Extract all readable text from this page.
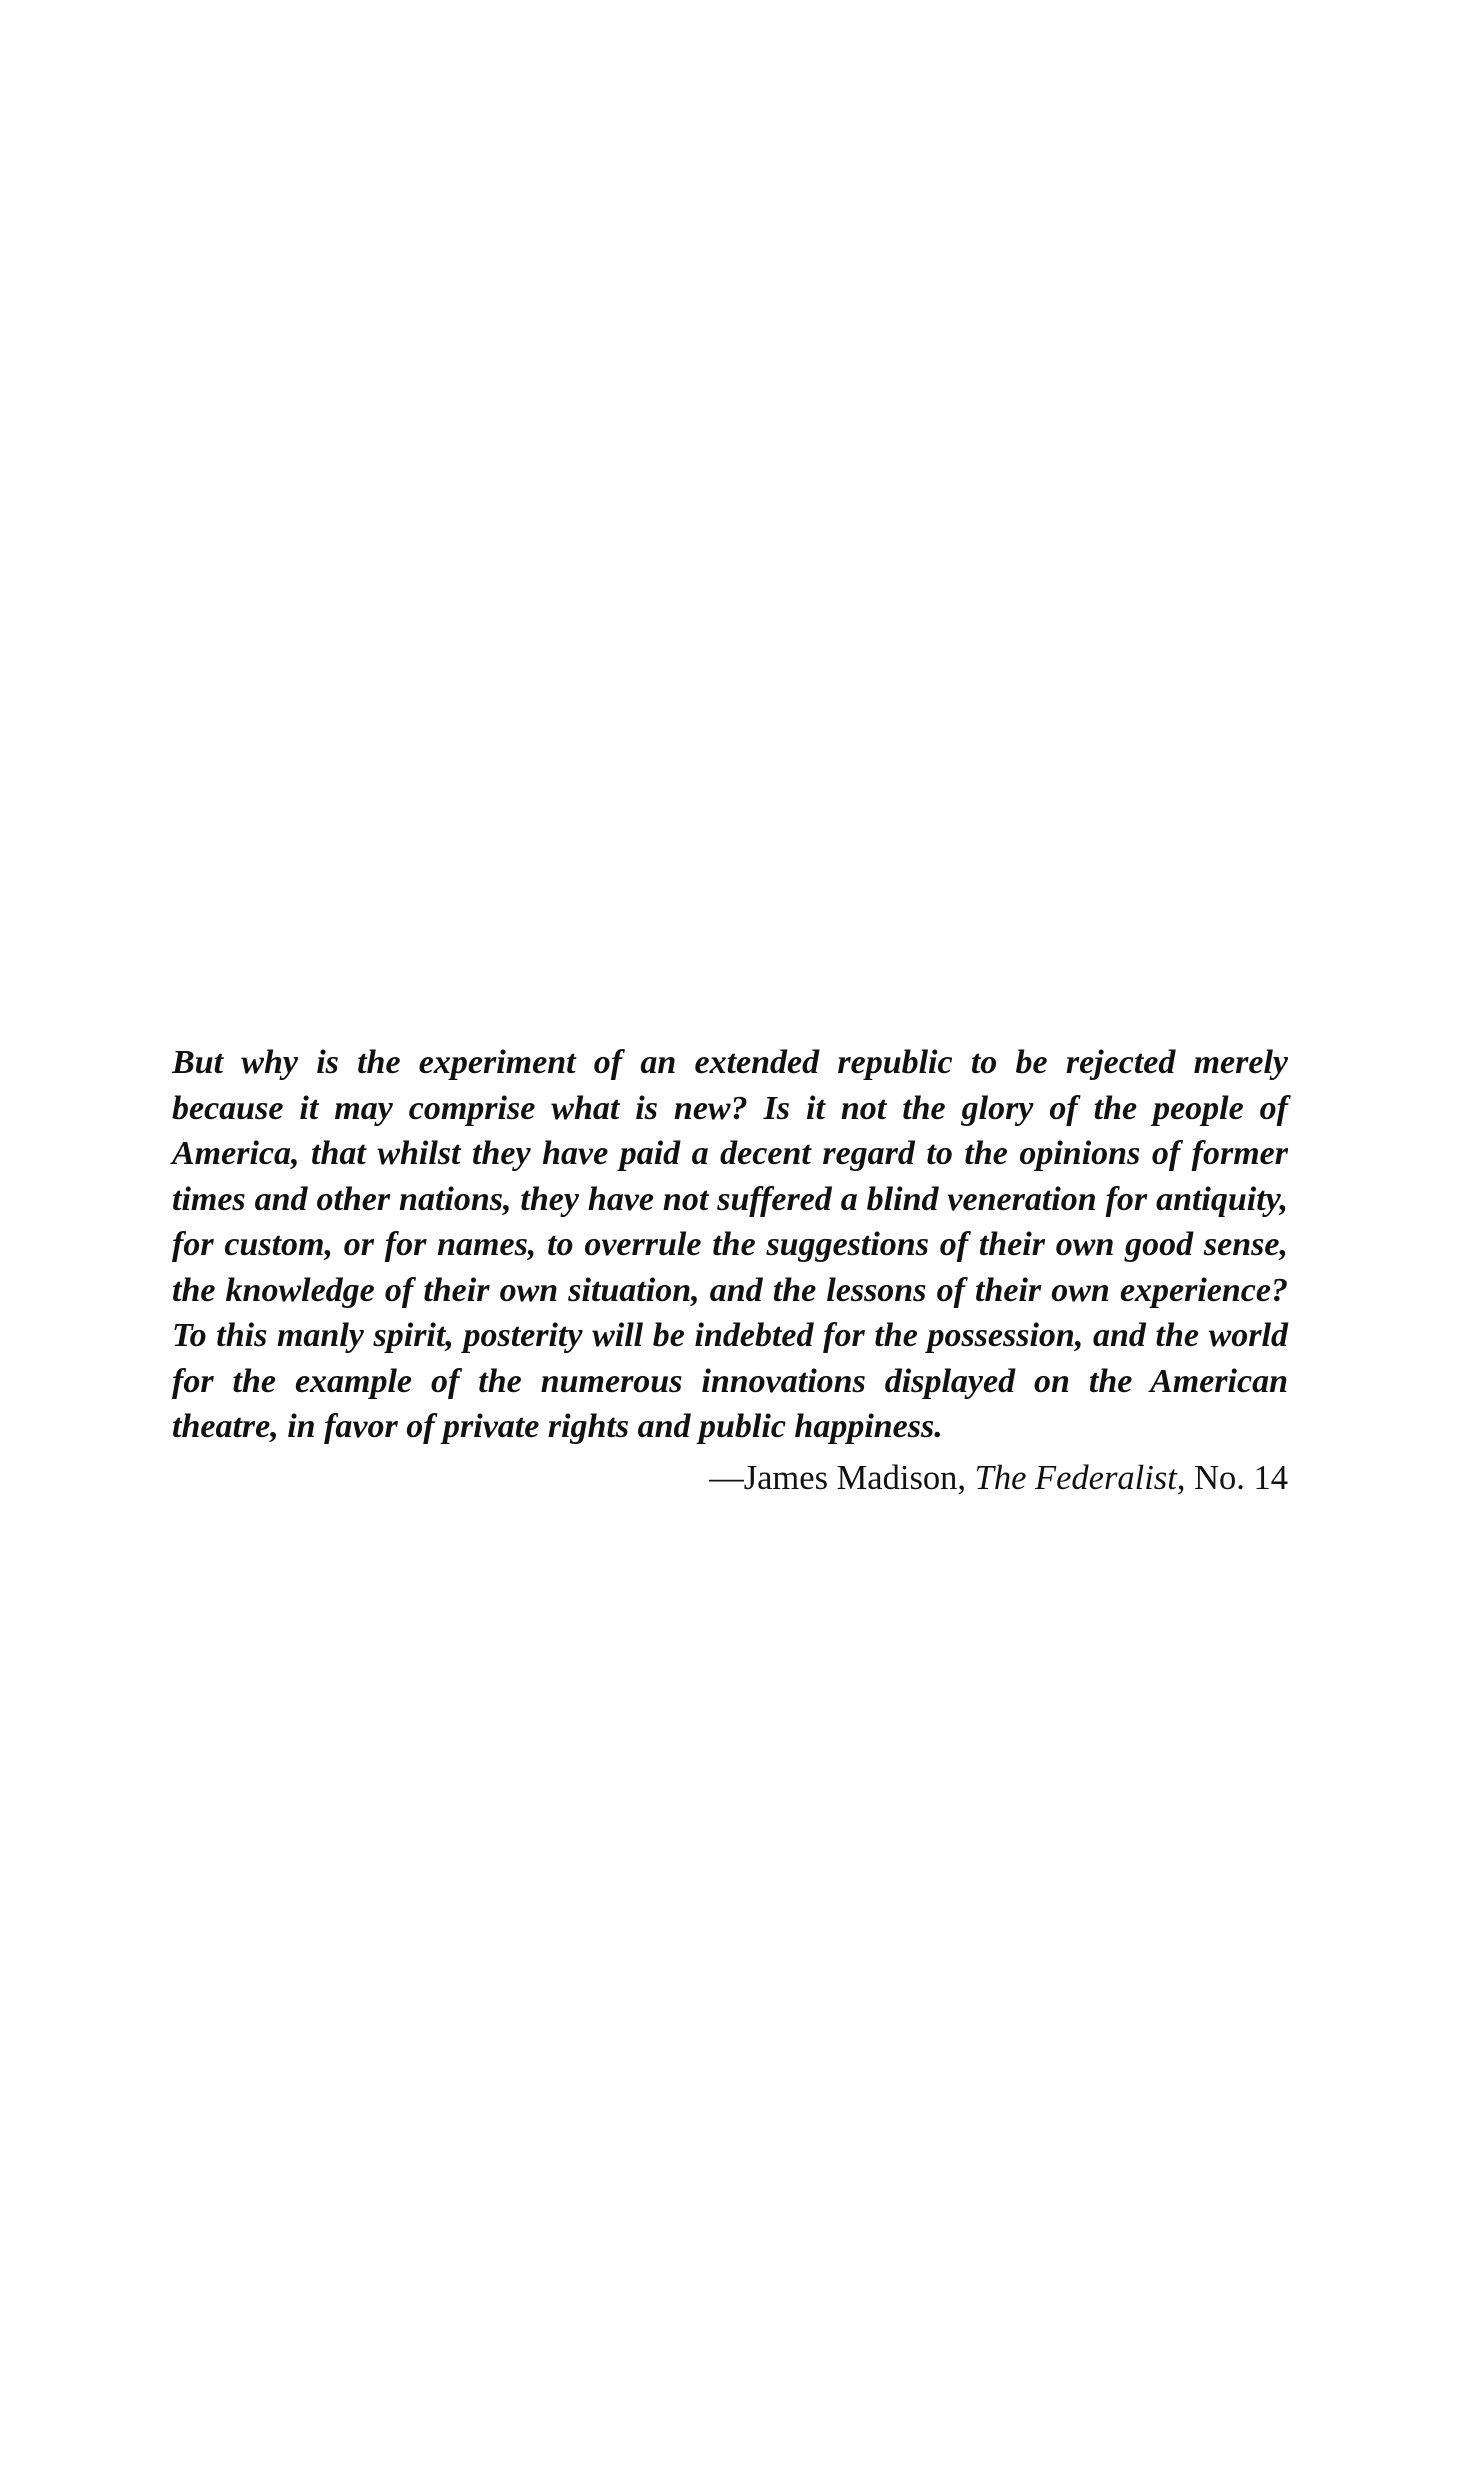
But why is the experiment of an extended republic to be rejected merely because it may comprise what is new? Is it not the glory of the people of America, that whilst they have paid a decent regard to the opinions of former times and other nations, they have not suffered a blind veneration for antiquity, for custom, or for names, to overrule the suggestions of their own good sense, the knowledge of their own situation, and the lessons of their own experience? To this manly spirit, posterity will be indebted for the possession, and the world for the example of the numerous innovations displayed on the American theatre, in favor of private rights and public happiness.

—James Madison, The Federalist, No. 14
